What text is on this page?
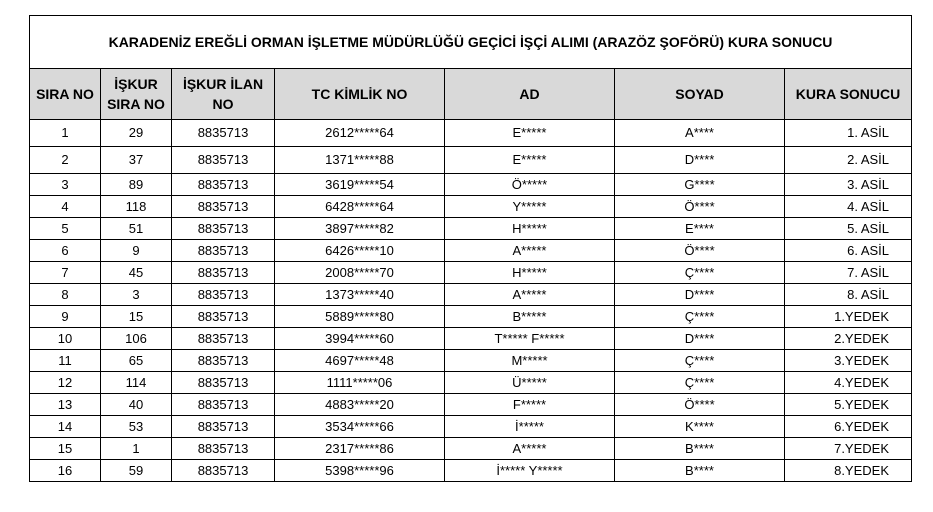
KARADENİZ EREĞLİ ORMAN İŞLETME MÜDÜRLÜĞÜ GEÇİCİ İŞÇİ ALIMI (ARAZÖZ ŞOFÖRÜ) KURA SONUCU						
SIRA NO	İŞKUR SIRA NO	İŞKUR İLAN NO	TC KİMLİK NO	AD	SOYAD	KURA SONUCU
1	29	8835713	2612*****64	E*****	A****	1. ASİL
2	37	8835713	1371*****88	E*****	D****	2. ASİL
3	89	8835713	3619*****54	Ö*****	G****	3. ASİL
4	118	8835713	6428*****64	Y*****	Ö****	4. ASİL
5	51	8835713	3897*****82	H*****	E****	5. ASİL
6	9	8835713	6426*****10	A*****	Ö****	6. ASİL
7	45	8835713	2008*****70	H*****	Ç****	7. ASİL
8	3	8835713	1373*****40	A*****	D****	8. ASİL
9	15	8835713	5889*****80	B*****	Ç****	1.YEDEK
10	106	8835713	3994*****60	T***** F*****	D****	2.YEDEK
11	65	8835713	4697*****48	M*****	Ç****	3.YEDEK
12	114	8835713	1111*****06	Ü*****	Ç****	4.YEDEK
13	40	8835713	4883*****20	F*****	Ö****	5.YEDEK
14	53	8835713	3534*****66	İ*****	K****	6.YEDEK
15	1	8835713	2317*****86	A*****	B****	7.YEDEK
16	59	8835713	5398*****96	İ***** Y*****	B****	8.YEDEK
